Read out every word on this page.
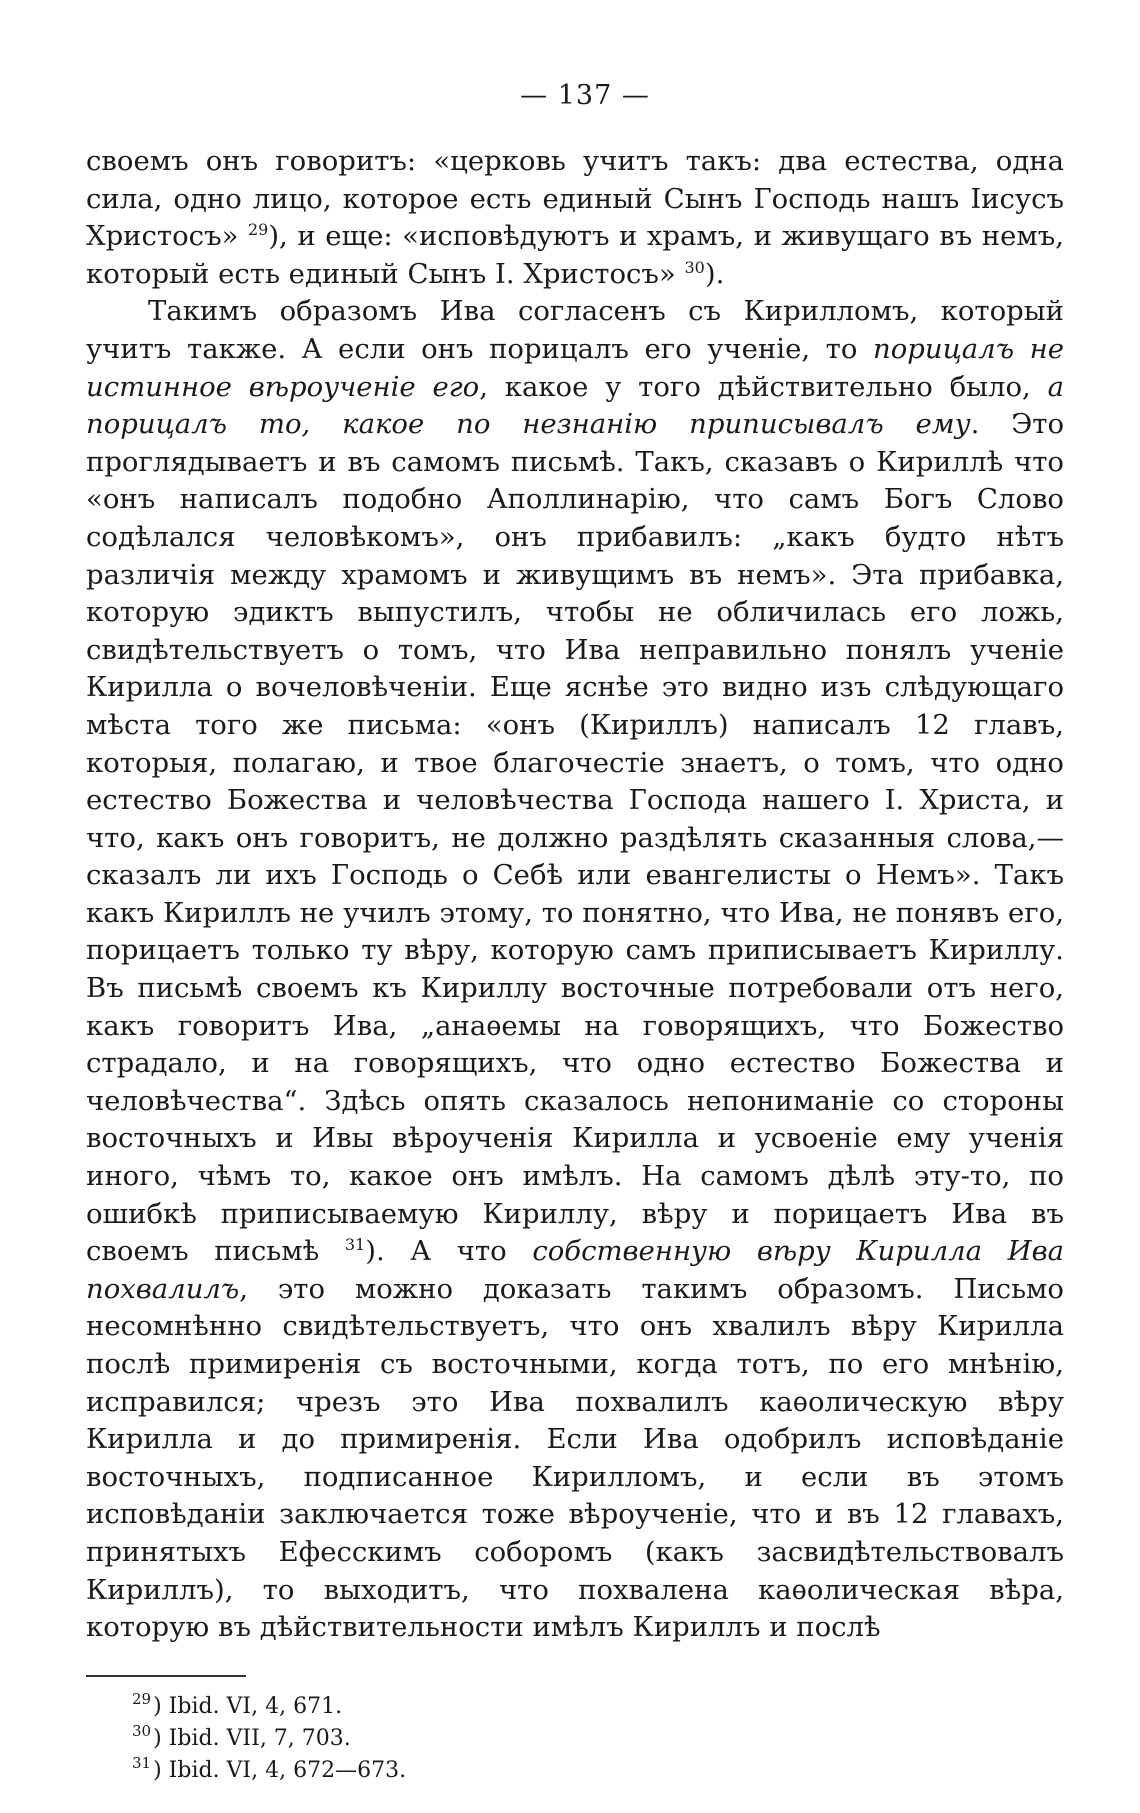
— 137 —

своемъ онъ говоритъ: «церковь учитъ такъ: два естества, одна сила, одно лицо, которое есть единый Сынъ Господь нашъ Іисусъ Христосъ» $^{29}$), и еще: «исповѣдуютъ и храмъ, и живущаго въ немъ, который есть единый Сынъ І. Христосъ» $^{30}$).

Такимъ образомъ Ива согласенъ съ Кирилломъ, который учитъ также. А если онъ порицалъ его ученіе, то порицалъ не истинное вѣроученіе его, какое у того дѣйствительно было, а порицалъ то, какое по незнанію приписывалъ ему. Это проглядываетъ и въ самомъ письмѣ. Такъ, сказавъ о Кириллѣ что «онъ написалъ подобно Аполлинарію, что самъ Богъ Слово содѣлался человѣкомъ», онъ прибавилъ: „какъ будто нѣтъ различія между храмомъ и живущимъ въ немъ». Эта прибавка, которую эдиктъ выпустилъ, чтобы не обличилась его ложь, свидѣтельствуетъ о томъ, что Ива неправильно понялъ ученіе Кирилла о вочеловѣченіи. Еще яснѣе это видно изъ слѣдующаго мѣста того же письма: «онъ (Кириллъ) написалъ 12 главъ, которыя, полагаю, и твое благочестіе знаетъ, о томъ, что одно естество Божества и человѣчества Господа нашего І. Христа, и что, какъ онъ говоритъ, не должно раздѣлять сказанныя слова,— сказалъ ли ихъ Господь о Себѣ или евангелисты о Немъ». Такъ какъ Кириллъ не училъ этому, то понятно, что Ива, не понявъ его, порицаетъ только ту вѣру, которую самъ приписываетъ Кириллу. Въ письмѣ своемъ къ Кириллу восточные потребовали отъ него, какъ говоритъ Ива, „анаѳемы на говорящихъ, что Божество страдало, и на говорящихъ, что одно естество Божества и человѣчества“. Здѣсь опять сказалось непониманіе со стороны восточныхъ и Ивы вѣроученія Кирилла и усвоеніе ему ученія иного, чѣмъ то, какое онъ имѣлъ. На самомъ дѣлѣ эту-то, по ошибкѣ приписываемую Кириллу, вѣру и порицаетъ Ива въ своемъ письмѣ $^{31}$). А что собственную вѣру Кирилла Ива похвалилъ, это можно доказать такимъ образомъ. Письмо несомнѣнно свидѣтельствуетъ, что онъ хвалилъ вѣру Кирилла послѣ примиренія съ восточными, когда тотъ, по его мнѣнію, исправился; чрезъ это Ива похвалилъ каѳолическую вѣру Кирилла и до примиренія. Если Ива одобрилъ исповѣданіе восточныхъ, подписанное Кирилломъ, и если въ этомъ исповѣданіи заключается тоже вѣроученіе, что и въ 12 главахъ, принятыхъ Ефесскимъ соборомъ (какъ засвидѣтельствовалъ Кириллъ), то выходитъ, что похвалена каѳолическая вѣра, которую въ дѣйствительности имѣлъ Кириллъ и послѣ

$^{29}$) Ibid. VI, 4, 671.

$^{30}$) Ibid. VII, 7, 703.

$^{31}$) Ibid. VI, 4, 672—673.
